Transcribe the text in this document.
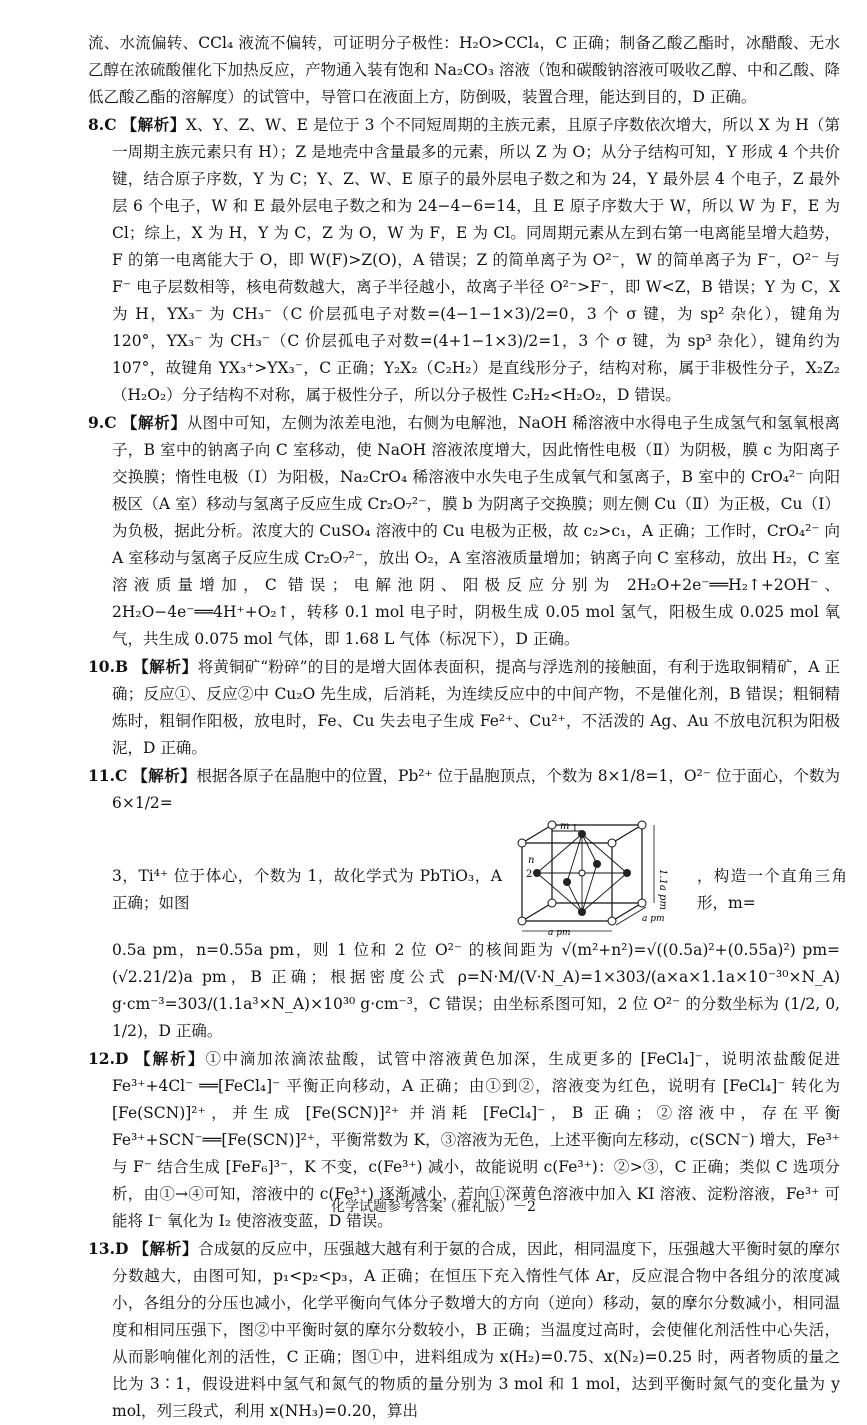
流、水流偏转、CCl₄ 液流不偏转，可证明分子极性：H₂O>CCl₄，C 正确；制备乙酸乙酯时，冰醋酸、无水乙醇在浓硫酸催化下加热反应，产物通入装有饱和 Na₂CO₃ 溶液（饱和碳酸钠溶液可吸收乙醇、中和乙酸、降低乙酸乙酯的溶解度）的试管中，导管口在液面上方，防倒吸，装置合理，能达到目的，D 正确。

8.C 【解析】X、Y、Z、W、E 是位于 3 个不同短周期的主族元素，且原子序数依次增大，所以 X 为 H（第一周期主族元素只有 H）；Z 是地壳中含量最多的元素，所以 Z 为 O；从分子结构可知，Y 形成 4 个共价键，结合原子序数，Y 为 C；Y、Z、W、E 原子的最外层电子数之和为 24，Y 最外层 4 个电子，Z 最外层 6 个电子，W 和 E 最外层电子数之和为 24−4−6=14，且 E 原子序数大于 W，所以 W 为 F，E 为 Cl；综上，X 为 H，Y 为 C，Z 为 O，W 为 F，E 为 Cl。同周期元素从左到右第一电离能呈增大趋势，F 的第一电离能大于 O，即 W(F)>Z(O)，A 错误；Z 的简单离子为 O²⁻，W 的简单离子为 F⁻，O²⁻ 与 F⁻ 电子层数相等，核电荷数越大，离子半径越小，故离子半径 O²⁻>F⁻，即 W<Z，B 错误；Y 为 C，X 为 H，YX₃⁻ 为 CH₃⁻（C 价层孤电子对数=(4−1−1×3)/2=0，3 个 σ 键，为 sp² 杂化），键角为 120°，YX₃⁻ 为 CH₃⁻（C 价层孤电子对数=(4+1−1×3)/2=1，3 个 σ 键，为 sp³ 杂化），键角约为 107°，故键角 YX₃⁺>YX₃⁻，C 正确；Y₂X₂（C₂H₂）是直线形分子，结构对称，属于非极性分子，X₂Z₂（H₂O₂）分子结构不对称，属于极性分子，所以分子极性 C₂H₂<H₂O₂，D 错误。

9.C 【解析】从图中可知，左侧为浓差电池，右侧为电解池，NaOH 稀溶液中水得电子生成氢气和氢氧根离子，B 室中的钠离子向 C 室移动，使 NaOH 溶液浓度增大，因此惰性电极（Ⅱ）为阴极，膜 c 为阳离子交换膜；惰性电极（Ⅰ）为阳极，Na₂CrO₄ 稀溶液中水失电子生成氧气和氢离子，B 室中的 CrO₄²⁻ 向阳极区（A 室）移动与氢离子反应生成 Cr₂O₇²⁻，膜 b 为阴离子交换膜；则左侧 Cu（Ⅱ）为正极，Cu（Ⅰ）为负极，据此分析。浓度大的 CuSO₄ 溶液中的 Cu 电极为正极，故 c₂>c₁，A 正确；工作时，CrO₄²⁻ 向 A 室移动与氢离子反应生成 Cr₂O₇²⁻，放出 O₂，A 室溶液质量增加；钠离子向 C 室移动，放出 H₂，C 室溶液质量增加，C 错误；电解池阴、阳极反应分别为 2H₂O+2e⁻══H₂↑+2OH⁻、2H₂O−4e⁻══4H⁺+O₂↑，转移 0.1 mol 电子时，阴极生成 0.05 mol 氢气，阳极生成 0.025 mol 氧气，共生成 0.075 mol 气体，即 1.68 L 气体（标况下），D 正确。

10.B 【解析】将黄铜矿“粉碎”的目的是增大固体表面积，提高与浮选剂的接触面，有利于选取铜精矿，A 正确；反应①、反应②中 Cu₂O 先生成，后消耗，为连续反应中的中间产物，不是催化剂，B 错误；粗铜精炼时，粗铜作阳极，放电时，Fe、Cu 失去电子生成 Fe²⁺、Cu²⁺，不活泼的 Ag、Au 不放电沉积为阳极泥，D 正确。

11.C 【解析】根据各原子在晶胞中的位置，Pb²⁺ 位于晶胞顶点，个数为 8×1/8=1，O²⁻ 位于面心，个数为 6×1/2=

3，Ti⁴⁺ 位于体心，个数为 1，故化学式为 PbTiO₃，A 正确；如图
m
n
1
2	1.1a pm
a pm
a pm
，构造一个直角三角形，m=

0.5a pm，n=0.55a pm，则 1 位和 2 位 O²⁻ 的核间距为 √(m²+n²)=√((0.5a)²+(0.55a)²) pm=(√2.21/2)a pm，B 正确；根据密度公式 ρ=N·M/(V·N_A)=1×303/(a×a×1.1a×10⁻³⁰×N_A) g·cm⁻³=303/(1.1a³×N_A)×10³⁰ g·cm⁻³，C 错误；由坐标系图可知，2 位 O²⁻ 的分数坐标为 (1/2, 0, 1/2)，D 正确。

12.D 【解析】①中滴加浓滴浓盐酸，试管中溶液黄色加深，生成更多的 [FeCl₄]⁻，说明浓盐酸促进 Fe³⁺+4Cl⁻ ══[FeCl₄]⁻ 平衡正向移动，A 正确；由①到②，溶液变为红色，说明有 [FeCl₄]⁻ 转化为 [Fe(SCN)]²⁺，并生成 [Fe(SCN)]²⁺ 并消耗 [FeCl₄]⁻，B 正确；②溶液中，存在平衡 Fe³⁺+SCN⁻══[Fe(SCN)]²⁺，平衡常数为 K，③溶液为无色，上述平衡向左移动，c(SCN⁻) 增大，Fe³⁺ 与 F⁻ 结合生成 [FeF₆]³⁻，K 不变，c(Fe³⁺) 减小，故能说明 c(Fe³⁺)：②>③，C 正确；类似 C 选项分析，由①→④可知，溶液中的 c(Fe³⁺) 逐渐减小，若向①深黄色溶液中加入 KI 溶液、淀粉溶液，Fe³⁺ 可能将 I⁻ 氧化为 I₂ 使溶液变蓝，D 错误。

13.D 【解析】合成氨的反应中，压强越大越有利于氨的合成，因此，相同温度下，压强越大平衡时氨的摩尔分数越大，由图可知，p₁<p₂<p₃，A 正确；在恒压下充入惰性气体 Ar，反应混合物中各组分的浓度减小，各组分的分压也减小，化学平衡向气体分子数增大的方向（逆向）移动，氨的摩尔分数减小，相同温度和相同压强下，图②中平衡时氨的摩尔分数较小，B 正确；当温度过高时，会使催化剂活性中心失活，从而影响催化剂的活性，C 正确；图①中，进料组成为 x(H₂)=0.75、x(N₂)=0.25 时，两者物质的量之比为 3∶1，假设进料中氢气和氮气的物质的量分别为 3 mol 和 1 mol，达到平衡时氮气的变化量为 y mol，列三段式，利用 x(NH₃)=0.20，算出

化学试题参考答案（雅礼版）－2
